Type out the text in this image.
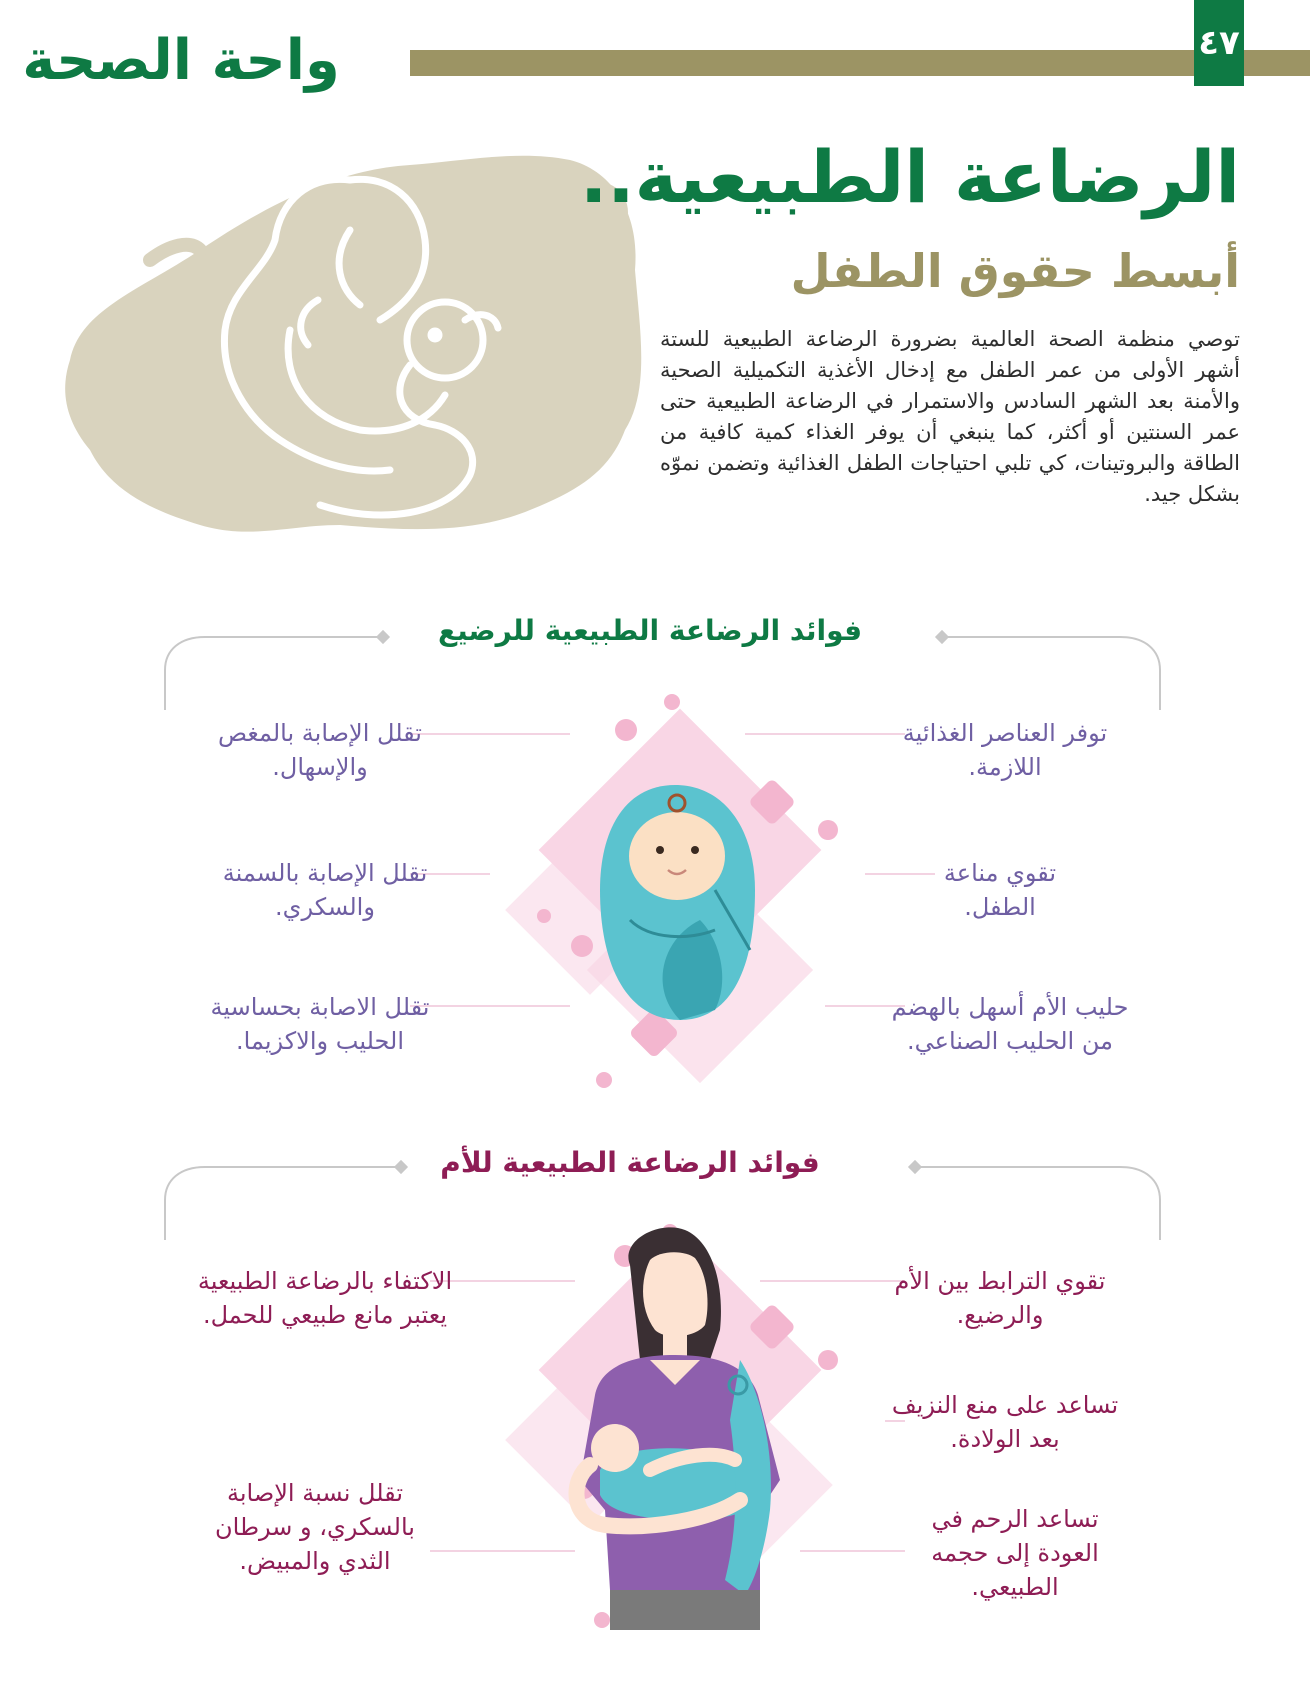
واحة الصحة	٤٧
الرضاعة الطبيعية..
أبسط حقوق الطفل
توصي منظمة الصحة العالمية بضرورة الرضاعة الطبيعية للستة أشهر الأولى من عمر الطفل مع إدخال الأغذية التكميلية الصحية والأمنة بعد الشهر السادس والاستمرار في الرضاعة الطبيعية حتى عمر السنتين أو أكثر، كما ينبغي أن يوفر الغذاء كمية كافية من الطاقة والبروتينات، كي تلبي احتياجات الطفل الغذائية وتضمن نموّه بشكل جيد.
فوائد الرضاعة الطبيعية للرضيع
توفر العناصر الغذائية اللازمة.
تقوي مناعة الطفل.
حليب الأم أسهل بالهضم من الحليب الصناعي.
تقلل الإصابة بالمغص والإسهال.
تقلل الإصابة بالسمنة والسكري.
تقلل الاصابة بحساسية الحليب والاكزيما.
فوائد الرضاعة الطبيعية للأم
تقوي الترابط بين الأم والرضيع.
تساعد على منع النزيف بعد الولادة.
تساعد الرحم في العودة إلى حجمه الطبيعي.
الاكتفاء بالرضاعة الطبيعية يعتبر مانع طبيعي للحمل.
تقلل نسبة الإصابة بالسكري، و سرطان الثدي والمبيض.
